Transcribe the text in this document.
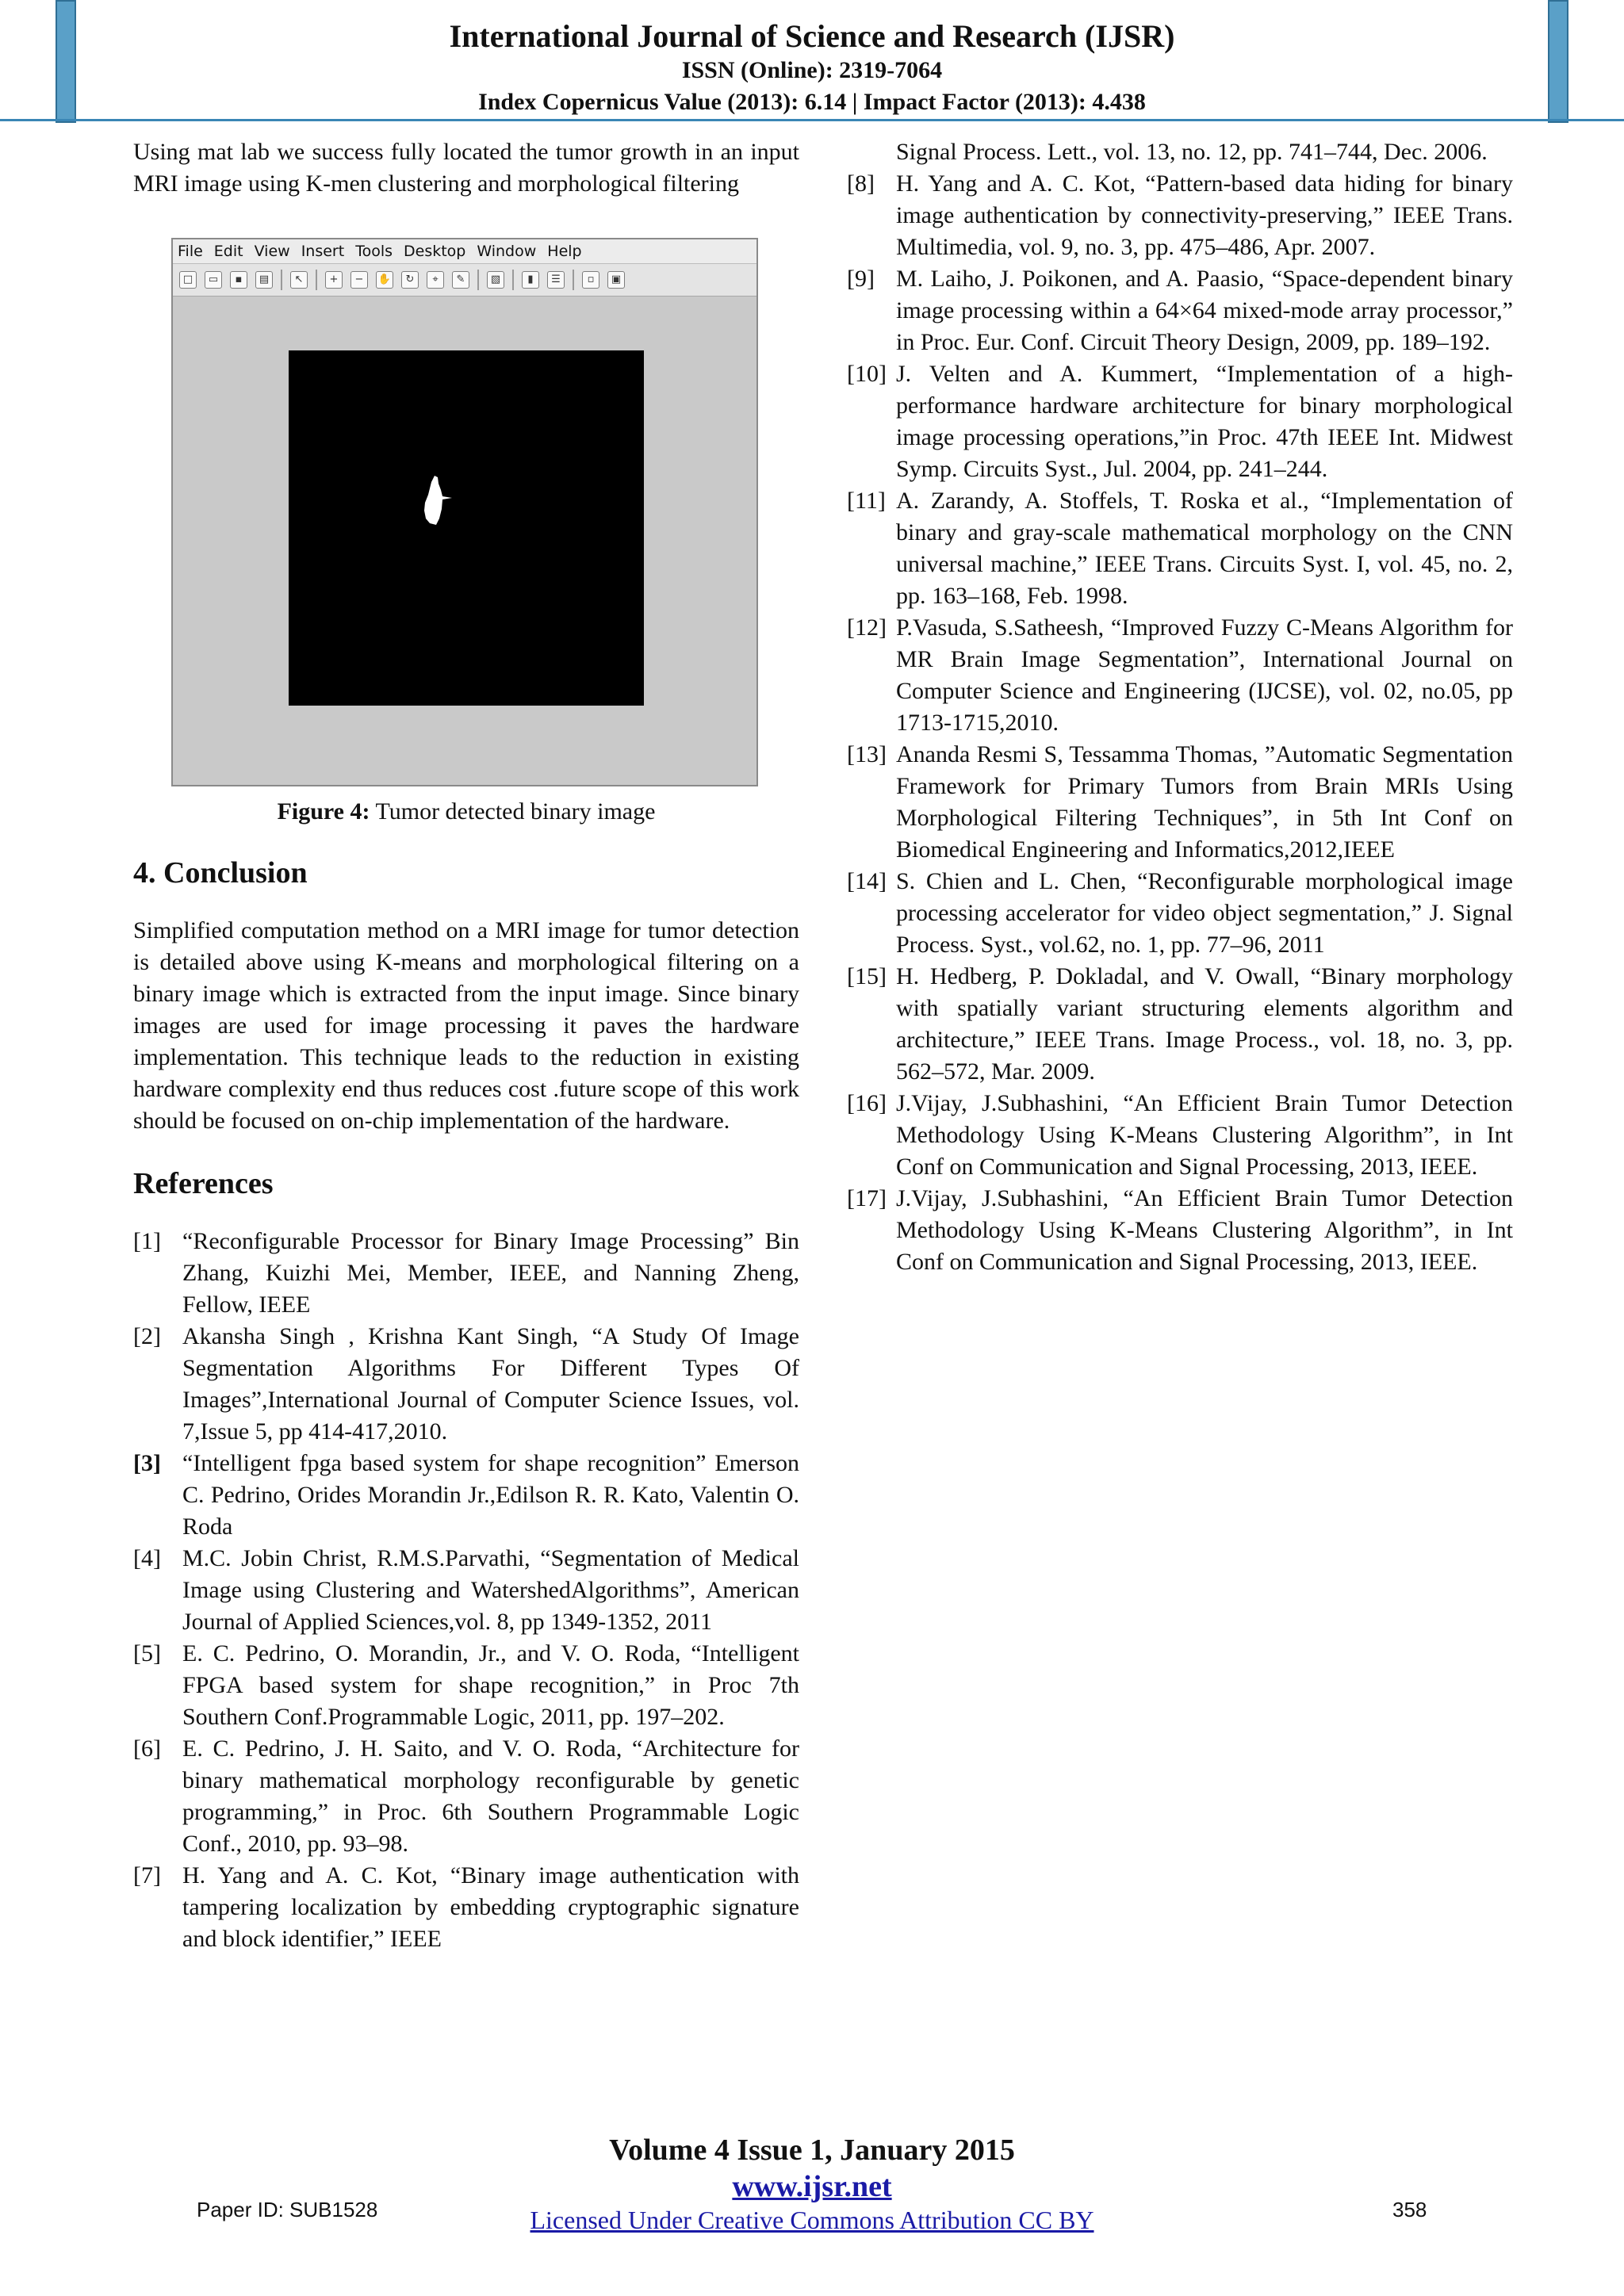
International Journal of Science and Research (IJSR)
ISSN (Online): 2319-7064
Index Copernicus Value (2013): 6.14 | Impact Factor (2013): 4.438

Using mat lab we success fully located the tumor growth in an input MRI image using K-men clustering and morphological filtering

File Edit View Insert Tools Desktop Window Help
□	▭	▪	▤	↖	+	−	✋	↻	⌖	✎	▧	▮	☰	▫	▣

Figure 4: Tumor detected binary image

4. Conclusion

Simplified computation method on a MRI image for tumor detection is detailed above using K-means and morphological filtering on a binary image which is extracted from the input image. Since binary images are used for image processing it paves the hardware implementation. This technique leads to the reduction in existing hardware complexity end thus reduces cost .future scope of this work should be focused on on-chip implementation of the hardware.

References
[1] “Reconfigurable Processor for Binary Image Processing” Bin Zhang, Kuizhi Mei, Member, IEEE, and Nanning Zheng, Fellow, IEEE
[2] Akansha Singh , Krishna Kant Singh, “A Study Of Image Segmentation Algorithms For Different Types Of Images”,International Journal of Computer Science Issues, vol. 7,Issue 5, pp 414-417,2010.
[3] “Intelligent fpga based system for shape recognition” Emerson C. Pedrino, Orides Morandin Jr.,Edilson R. R. Kato, Valentin O. Roda
[4] M.C. Jobin Christ, R.M.S.Parvathi, “Segmentation of Medical Image using Clustering and WatershedAlgorithms”, American Journal of Applied Sciences,vol. 8, pp 1349-1352, 2011
[5] E. C. Pedrino, O. Morandin, Jr., and V. O. Roda, “Intelligent FPGA based system for shape recognition,” in Proc 7th Southern Conf.Programmable Logic, 2011, pp. 197–202.
[6] E. C. Pedrino, J. H. Saito, and V. O. Roda, “Architecture for binary mathematical morphology reconfigurable by genetic programming,” in Proc. 6th Southern Programmable Logic Conf., 2010, pp. 93–98.
[7] H. Yang and A. C. Kot, “Binary image authentication with tampering localization by embedding cryptographic signature and block identifier,” IEEE

Signal Process. Lett., vol. 13, no. 12, pp. 741–744, Dec. 2006.

[8] H. Yang and A. C. Kot, “Pattern-based data hiding for binary image authentication by connectivity-preserving,” IEEE Trans. Multimedia, vol. 9, no. 3, pp. 475–486, Apr. 2007.
[9] M. Laiho, J. Poikonen, and A. Paasio, “Space-dependent binary image processing within a 64×64 mixed-mode array processor,” in Proc. Eur. Conf. Circuit Theory Design, 2009, pp. 189–192.
[10] J. Velten and A. Kummert, “Implementation of a high-performance hardware architecture for binary morphological image processing operations,”in Proc. 47th IEEE Int. Midwest Symp. Circuits Syst., Jul. 2004, pp. 241–244.
[11] A. Zarandy, A. Stoffels, T. Roska et al., “Implementation of binary and gray-scale mathematical morphology on the CNN universal machine,” IEEE Trans. Circuits Syst. I, vol. 45, no. 2, pp. 163–168, Feb. 1998.
[12] P.Vasuda, S.Satheesh, “Improved Fuzzy C-Means Algorithm for MR Brain Image Segmentation”, International Journal on Computer Science and Engineering (IJCSE), vol. 02, no.05, pp 1713-1715,2010.
[13] Ananda Resmi S, Tessamma Thomas, ”Automatic Segmentation Framework for Primary Tumors from Brain MRIs Using Morphological Filtering Techniques”, in 5th Int Conf on Biomedical Engineering and Informatics,2012,IEEE
[14] S. Chien and L. Chen, “Reconfigurable morphological image processing accelerator for video object segmentation,” J. Signal Process. Syst., vol.62, no. 1, pp. 77–96, 2011
[15] H. Hedberg, P. Dokladal, and V. Owall, “Binary morphology with spatially variant structuring elements algorithm and architecture,” IEEE Trans. Image Process., vol. 18, no. 3, pp. 562–572, Mar. 2009.
[16] J.Vijay, J.Subhashini, “An Efficient Brain Tumor Detection Methodology Using K-Means Clustering Algorithm”, in Int Conf on Communication and Signal Processing, 2013, IEEE.
[17] J.Vijay, J.Subhashini, “An Efficient Brain Tumor Detection Methodology Using K-Means Clustering Algorithm”, in Int Conf on Communication and Signal Processing, 2013, IEEE.
Volume 4 Issue 1, January 2015
www.ijsr.net
Licensed Under Creative Commons Attribution CC BY
Paper ID: SUB1528	358
